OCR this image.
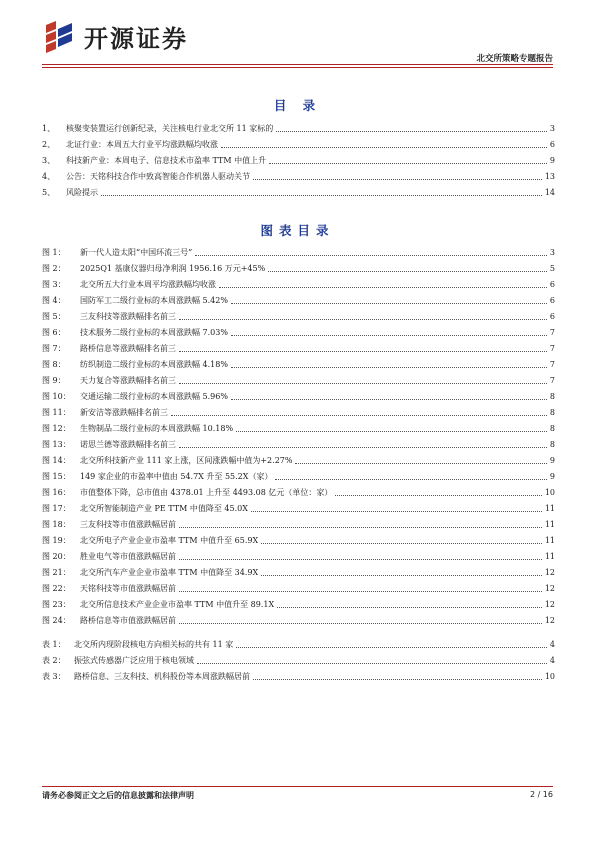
开源证券
北交所策略专题报告
目 录
1、	核聚变装置运行创新纪录，关注核电行业北交所 11 家标的	3
2、	北证行业：本周五大行业平均涨跌幅均收涨	6
3、	科技新产业：本周电子、信息技术市盈率 TTM 中值上升	9
4、	公告：天铭科技合作中致高智能合作机器人驱动关节	13
5、	风险提示	14
图表目录
图 1：	新一代人造太阳“中国环流三号”	3
图 2：	2025Q1 基康仪器归母净利润 1956.16 万元+45%	5
图 3：	北交所五大行业本周平均涨跌幅均收涨	6
图 4：	国防军工二级行业标的本周涨跌幅 5.42%	6
图 5：	三友科技等涨跌幅排名前三	6
图 6：	技术服务二级行业标的本周涨跌幅 7.03%	7
图 7：	路桥信息等涨跌幅排名前三	7
图 8：	纺织制造二级行业标的本周涨跌幅 4.18%	7
图 9：	天力复合等涨跌幅排名前三	7
图 10：	交通运输二级行业标的本周涨跌幅 5.96%	8
图 11：	新安洁等涨跌幅排名前三	8
图 12：	生物制品二级行业标的本周涨跌幅 10.18%	8
图 13：	诺思兰德等涨跌幅排名前三	8
图 14：	北交所科技新产业 111 家上涨，区间涨跌幅中值为+2.27%	9
图 15：	149 家企业的市盈率中值由 54.7X 升至 55.2X（家）	9
图 16：	市值整体下降，总市值由 4378.01 上升至 4493.08 亿元（单位：家）	10
图 17：	北交所智能制造产业 PE TTM 中值降至 45.0X	11
图 18：	三友科技等市值涨跌幅居前	11
图 19：	北交所电子产业企业市盈率 TTM 中值升至 65.9X	11
图 20：	胜业电气等市值涨跌幅居前	11
图 21：	北交所汽车产业企业市盈率 TTM 中值降至 34.9X	12
图 22：	天铭科技等市值涨跌幅居前	12
图 23：	北交所信息技术产业企业市盈率 TTM 中值升至 89.1X	12
图 24：	路桥信息等市值涨跌幅居前	12
表 1：	北交所内现阶段核电方向相关标的共有 11 家	4
表 2：	振弦式传感器广泛应用于核电领域	4
表 3：	路桥信息、三友科技、机科股份等本周涨跌幅居前	10
请务必参阅正文之后的信息披露和法律声明	2 / 16
